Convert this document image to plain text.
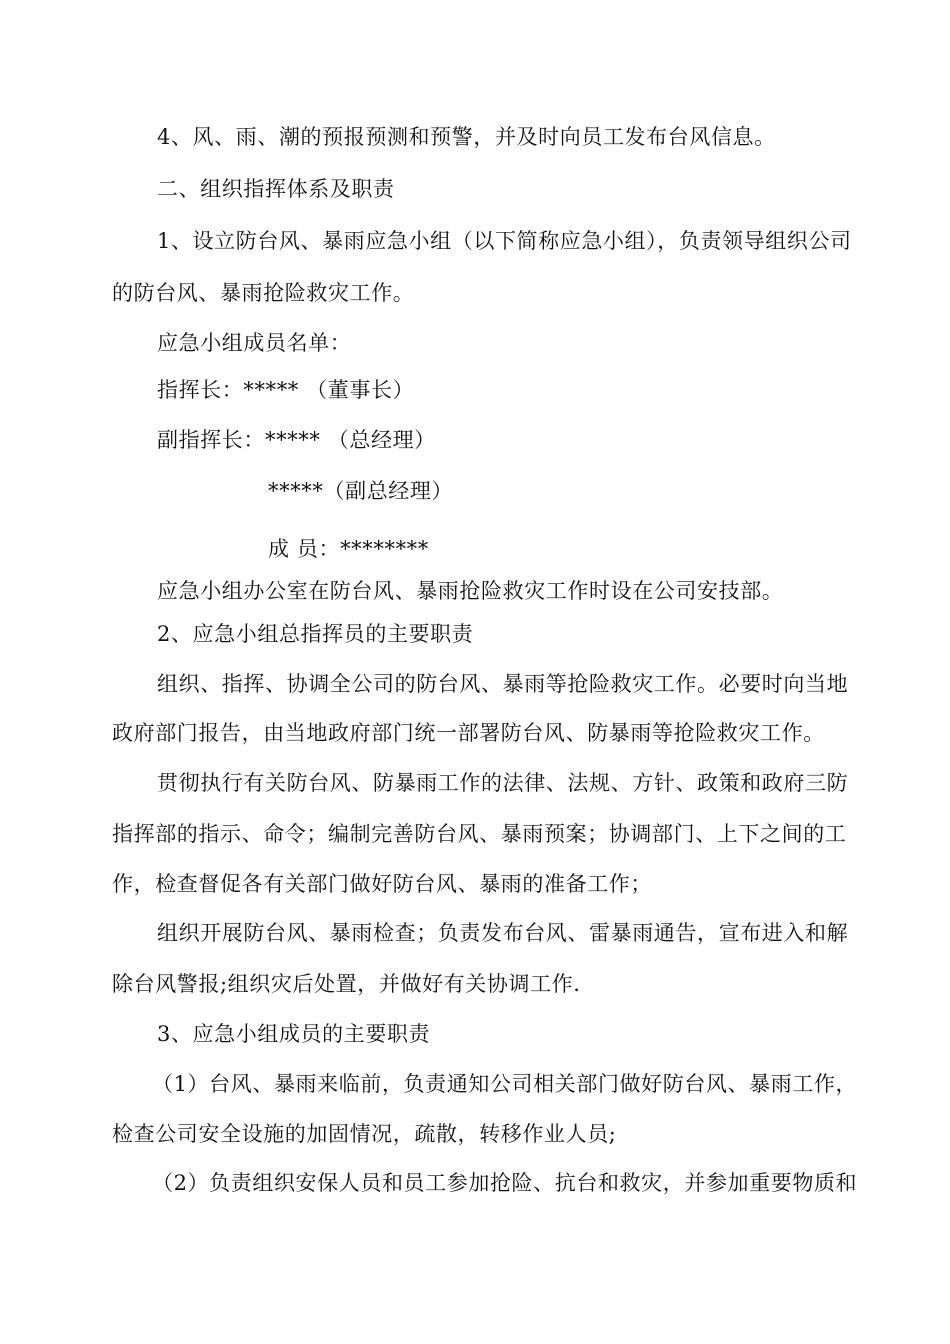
4、风、雨、潮的预报预测和预警，并及时向员工发布台风信息。

二、组织指挥体系及职责

1、设立防台风、暴雨应急小组（以下简称应急小组），负责领导组织公司

的防台风、暴雨抢险救灾工作。

应急小组成员名单：

指挥长：***** （董事长）

副指挥长：***** （总经理）

*****（副总经理）

成 员：********

应急小组办公室在防台风、暴雨抢险救灾工作时设在公司安技部。

2、应急小组总指挥员的主要职责

组织、指挥、协调全公司的防台风、暴雨等抢险救灾工作。必要时向当地

政府部门报告，由当地政府部门统一部署防台风、防暴雨等抢险救灾工作。

贯彻执行有关防台风、防暴雨工作的法律、法规、方针、政策和政府三防

指挥部的指示、命令；编制完善防台风、暴雨预案；协调部门、上下之间的工

作，检查督促各有关部门做好防台风、暴雨的准备工作；

组织开展防台风、暴雨检查；负责发布台风、雷暴雨通告，宣布进入和解

除台风警报;组织灾后处置，并做好有关协调工作.

3、应急小组成员的主要职责

（1）台风、暴雨来临前，负责通知公司相关部门做好防台风、暴雨工作，

检查公司安全设施的加固情况，疏散，转移作业人员;

（2）负责组织安保人员和员工参加抢险、抗台和救灾，并参加重要物质和
